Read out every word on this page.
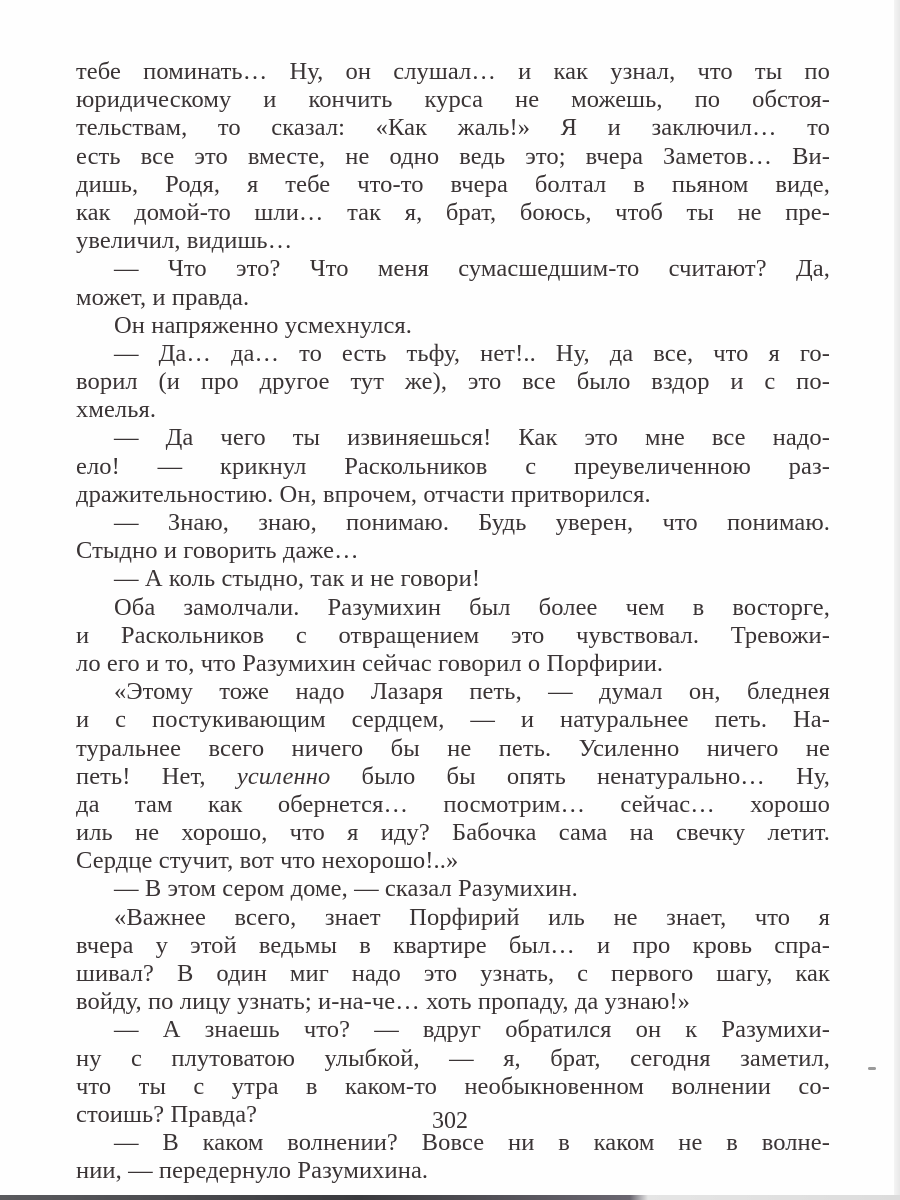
тебе поминать… Ну, он слушал… и как узнал, что ты по
юридическому и кончить курса не можешь, по обстоя-
тельствам, то сказал: «Как жаль!» Я и заключил… то
есть все это вместе, не одно ведь это; вчера Заметов… Ви-
дишь, Родя, я тебе что-то вчера болтал в пьяном виде,
как домой-то шли… так я, брат, боюсь, чтоб ты не пре-
увеличил, видишь…
— Что это? Что меня сумасшедшим-то считают? Да,
может, и правда.
Он напряженно усмехнулся.
— Да… да… то есть тьфу, нет!.. Ну, да все, что я го-
ворил (и про другое тут же), это все было вздор и с по-
хмелья.
— Да чего ты извиняешься! Как это мне все надо-
ело! — крикнул Раскольников с преувеличенною раз-
дражительностию. Он, впрочем, отчасти притворился.
— Знаю, знаю, понимаю. Будь уверен, что понимаю.
Стыдно и говорить даже…
— А коль стыдно, так и не говори!
Оба замолчали. Разумихин был более чем в восторге,
и Раскольников с отвращением это чувствовал. Тревожи-
ло его и то, что Разумихин сейчас говорил о Порфирии.
«Этому тоже надо Лазаря петь, — думал он, бледнея
и с постукивающим сердцем, — и натуральнее петь. На-
туральнее всего ничего бы не петь. Усиленно ничего не
петь! Нет, усиленно было бы опять ненатурально… Ну,
да там как обернется… посмотрим… сейчас… хорошо
иль не хорошо, что я иду? Бабочка сама на свечку летит.
Сердце стучит, вот что нехорошо!..»
— В этом сером доме, — сказал Разумихин.
«Важнее всего, знает Порфирий иль не знает, что я
вчера у этой ведьмы в квартире был… и про кровь спра-
шивал? В один миг надо это узнать, с первого шагу, как
войду, по лицу узнать; и-на-че… хоть пропаду, да узнаю!»
— А знаешь что? — вдруг обратился он к Разумихи-
ну с плутоватою улыбкой, — я, брат, сегодня заметил,
что ты с утра в каком-то необыкновенном волнении со-
стоишь? Правда?
— В каком волнении? Вовсе ни в каком не в волне-
нии, — передернуло Разумихина.
302
